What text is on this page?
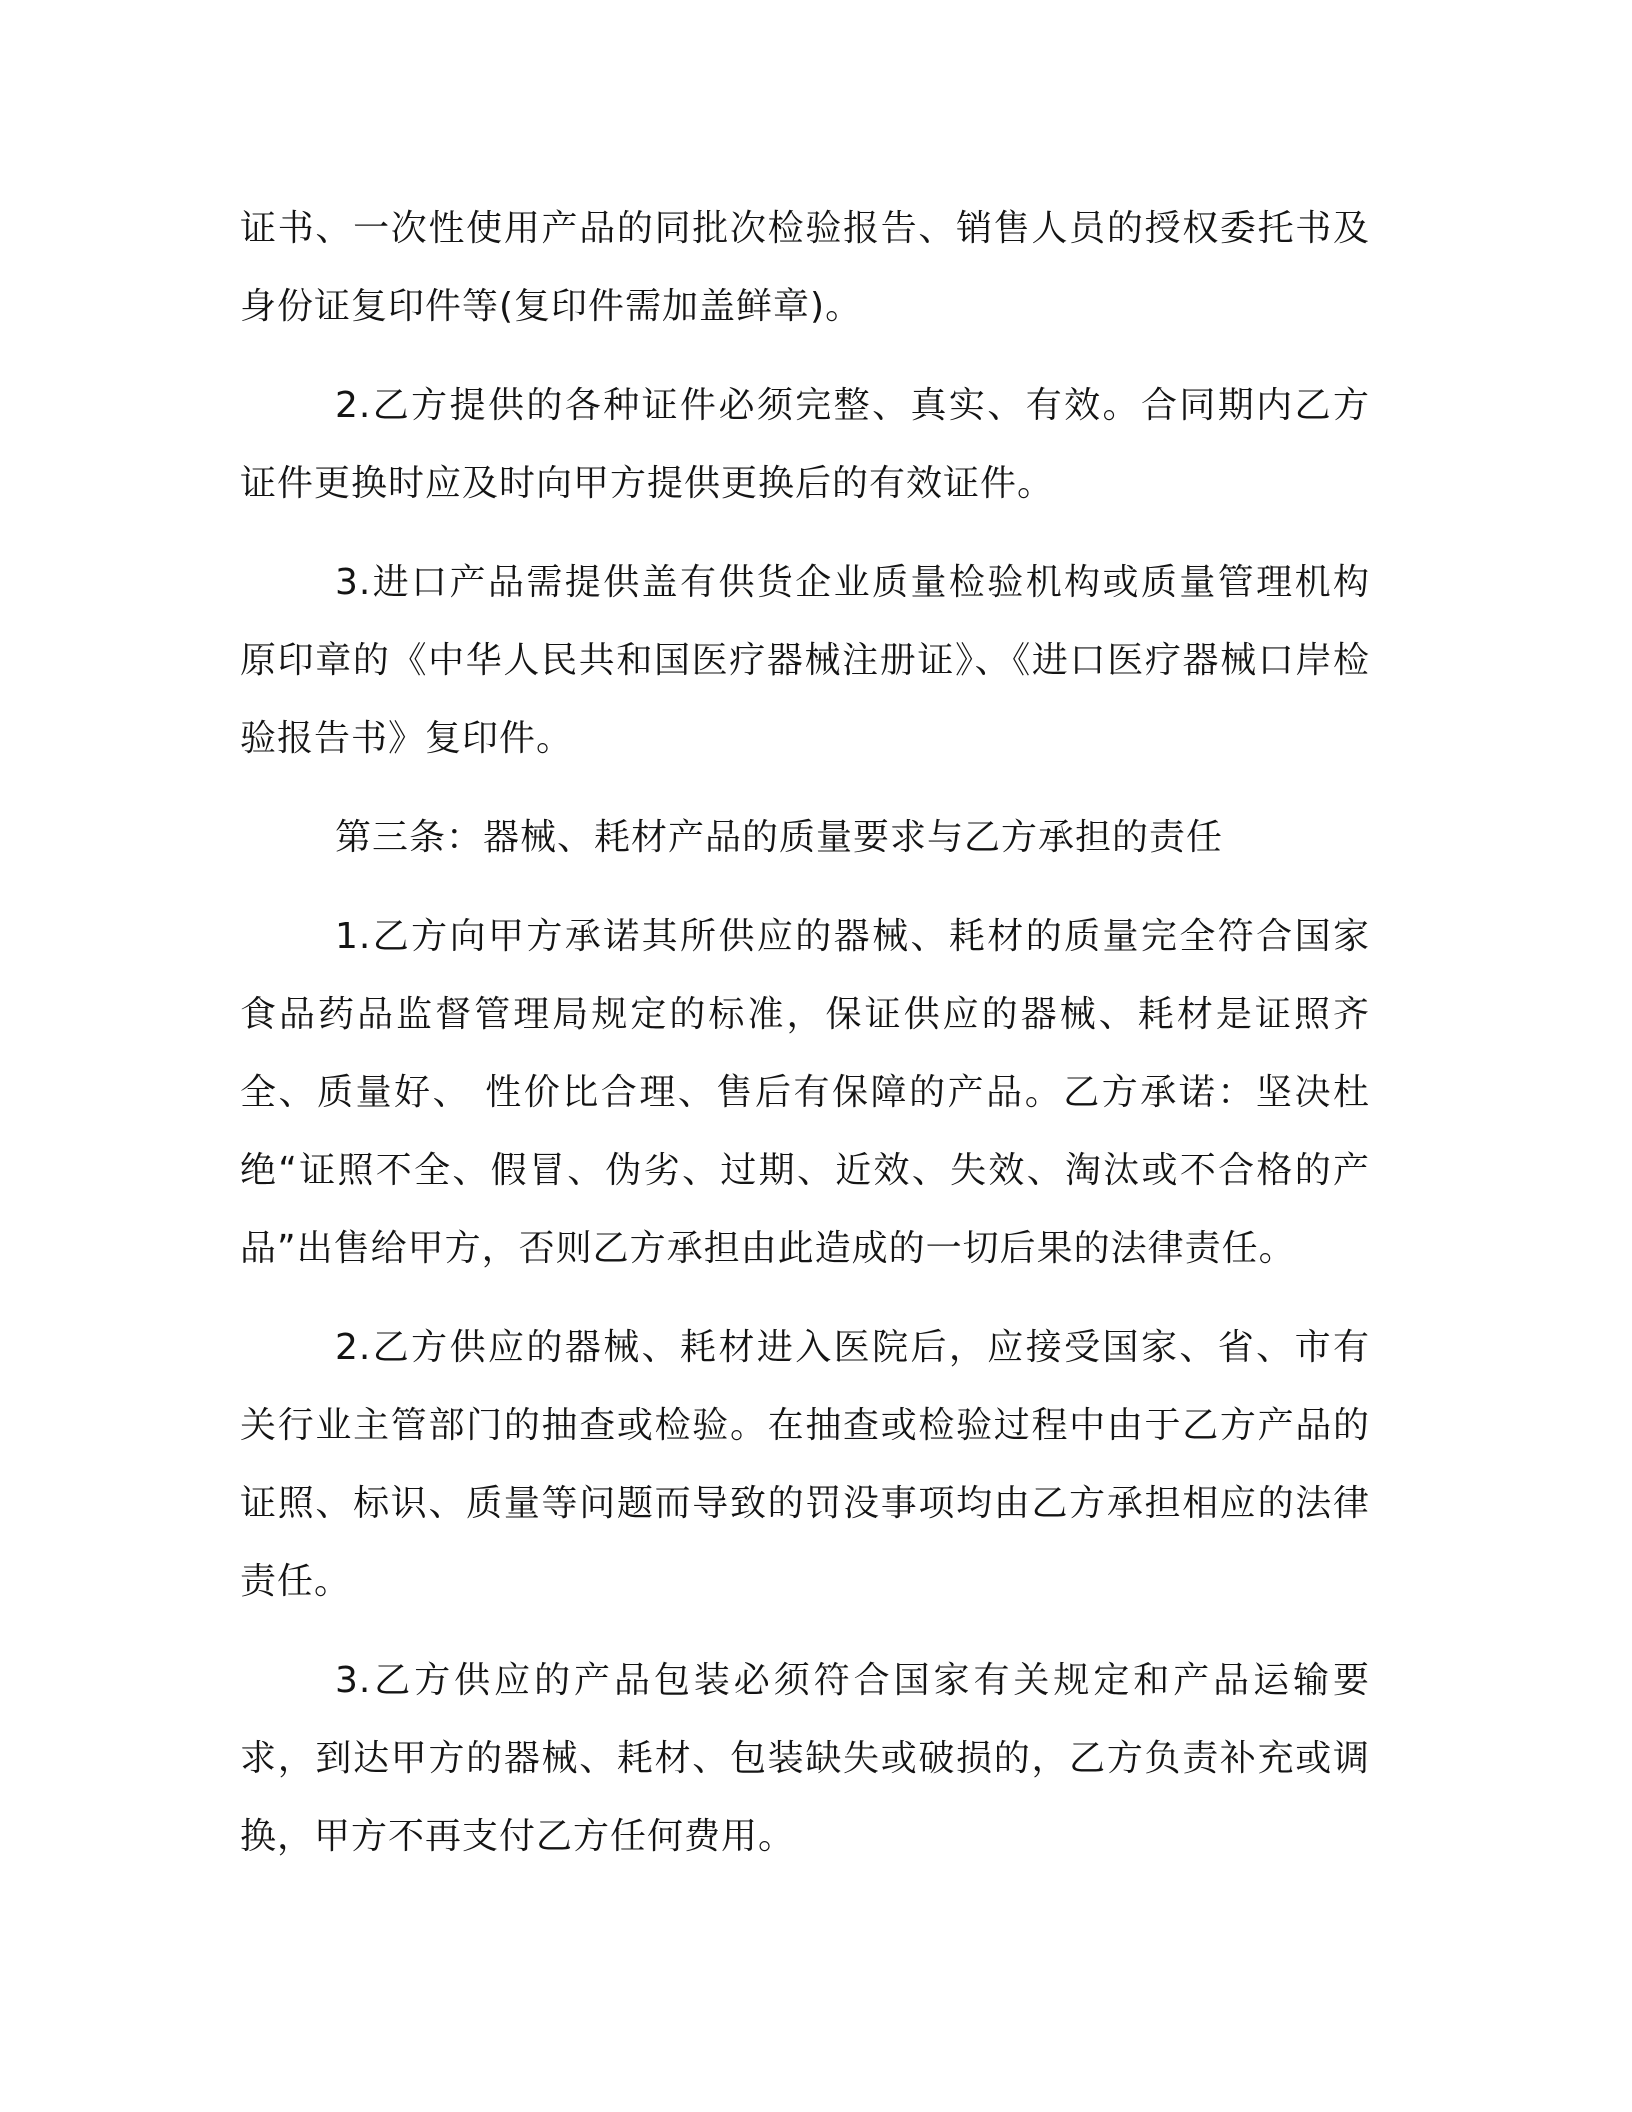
证书、一次性使用产品的同批次检验报告、销售人员的授权委托书及身份证复印件等(复印件需加盖鲜章)。

2.乙方提供的各种证件必须完整、真实、有效。合同期内乙方证件更换时应及时向甲方提供更换后的有效证件。

3.进口产品需提供盖有供货企业质量检验机构或质量管理机构原印章的《中华人民共和国医疗器械注册证》、《进口医疗器械口岸检验报告书》复印件。

第三条：器械、耗材产品的质量要求与乙方承担的责任

1.乙方向甲方承诺其所供应的器械、耗材的质量完全符合国家食品药品监督管理局规定的标准，保证供应的器械、耗材是证照齐全、质量好、 性价比合理、售后有保障的产品。乙方承诺：坚决杜绝“证照不全、假冒、伪劣、过期、近效、失效、淘汰或不合格的产品”出售给甲方，否则乙方承担由此造成的一切后果的法律责任。

2.乙方供应的器械、耗材进入医院后，应接受国家、省、市有关行业主管部门的抽查或检验。在抽查或检验过程中由于乙方产品的证照、标识、质量等问题而导致的罚没事项均由乙方承担相应的法律责任。

3.乙方供应的产品包装必须符合国家有关规定和产品运输要求，到达甲方的器械、耗材、包装缺失或破损的，乙方负责补充或调换，甲方不再支付乙方任何费用。
